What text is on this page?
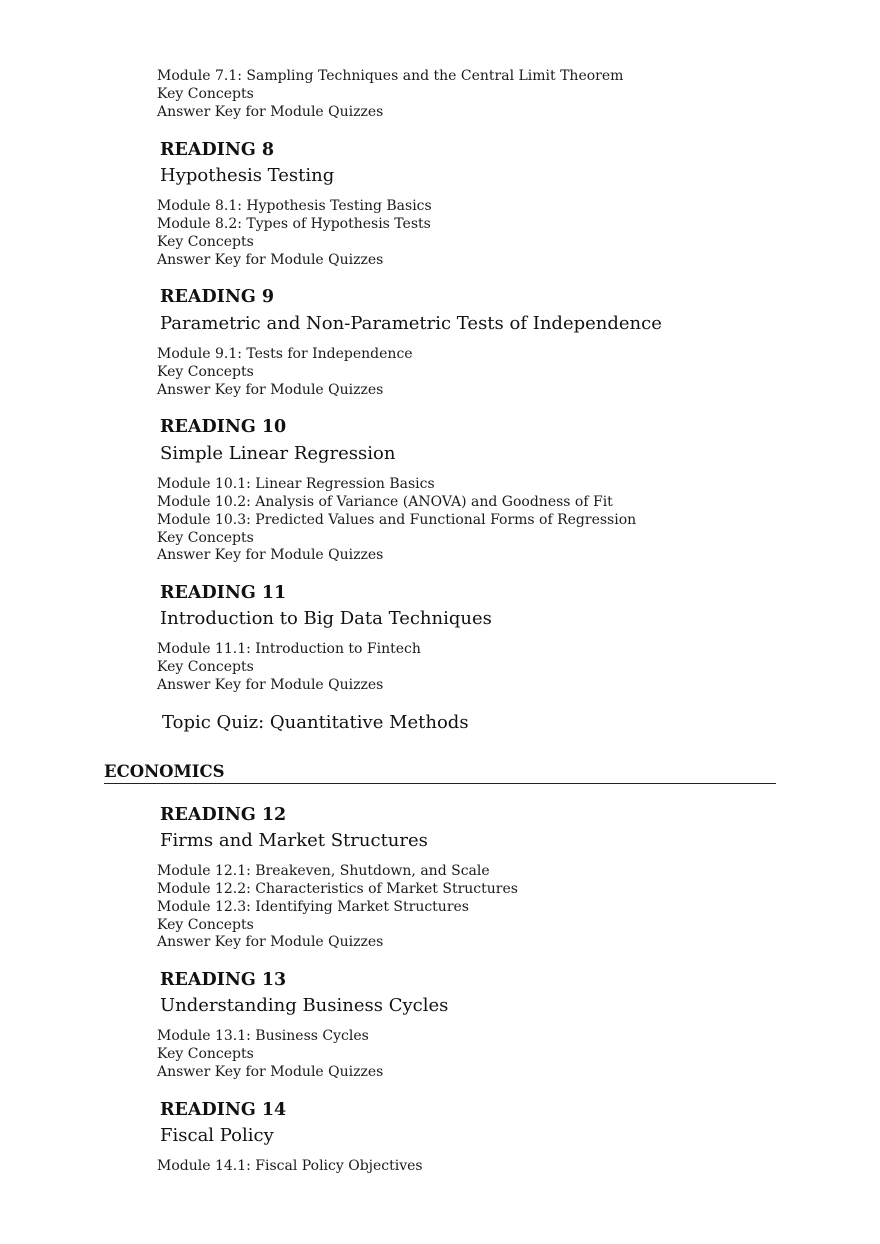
Module 7.1: Sampling Techniques and the Central Limit Theorem
Key Concepts
Answer Key for Module Quizzes
READING 8
Hypothesis Testing
Module 8.1: Hypothesis Testing Basics
Module 8.2: Types of Hypothesis Tests
Key Concepts
Answer Key for Module Quizzes
READING 9
Parametric and Non-Parametric Tests of Independence
Module 9.1: Tests for Independence
Key Concepts
Answer Key for Module Quizzes
READING 10
Simple Linear Regression
Module 10.1: Linear Regression Basics
Module 10.2: Analysis of Variance (ANOVA) and Goodness of Fit
Module 10.3: Predicted Values and Functional Forms of Regression
Key Concepts
Answer Key for Module Quizzes
READING 11
Introduction to Big Data Techniques
Module 11.1: Introduction to Fintech
Key Concepts
Answer Key for Module Quizzes
Topic Quiz: Quantitative Methods
ECONOMICS
READING 12
Firms and Market Structures
Module 12.1: Breakeven, Shutdown, and Scale
Module 12.2: Characteristics of Market Structures
Module 12.3: Identifying Market Structures
Key Concepts
Answer Key for Module Quizzes
READING 13
Understanding Business Cycles
Module 13.1: Business Cycles
Key Concepts
Answer Key for Module Quizzes
READING 14
Fiscal Policy
Module 14.1: Fiscal Policy Objectives
